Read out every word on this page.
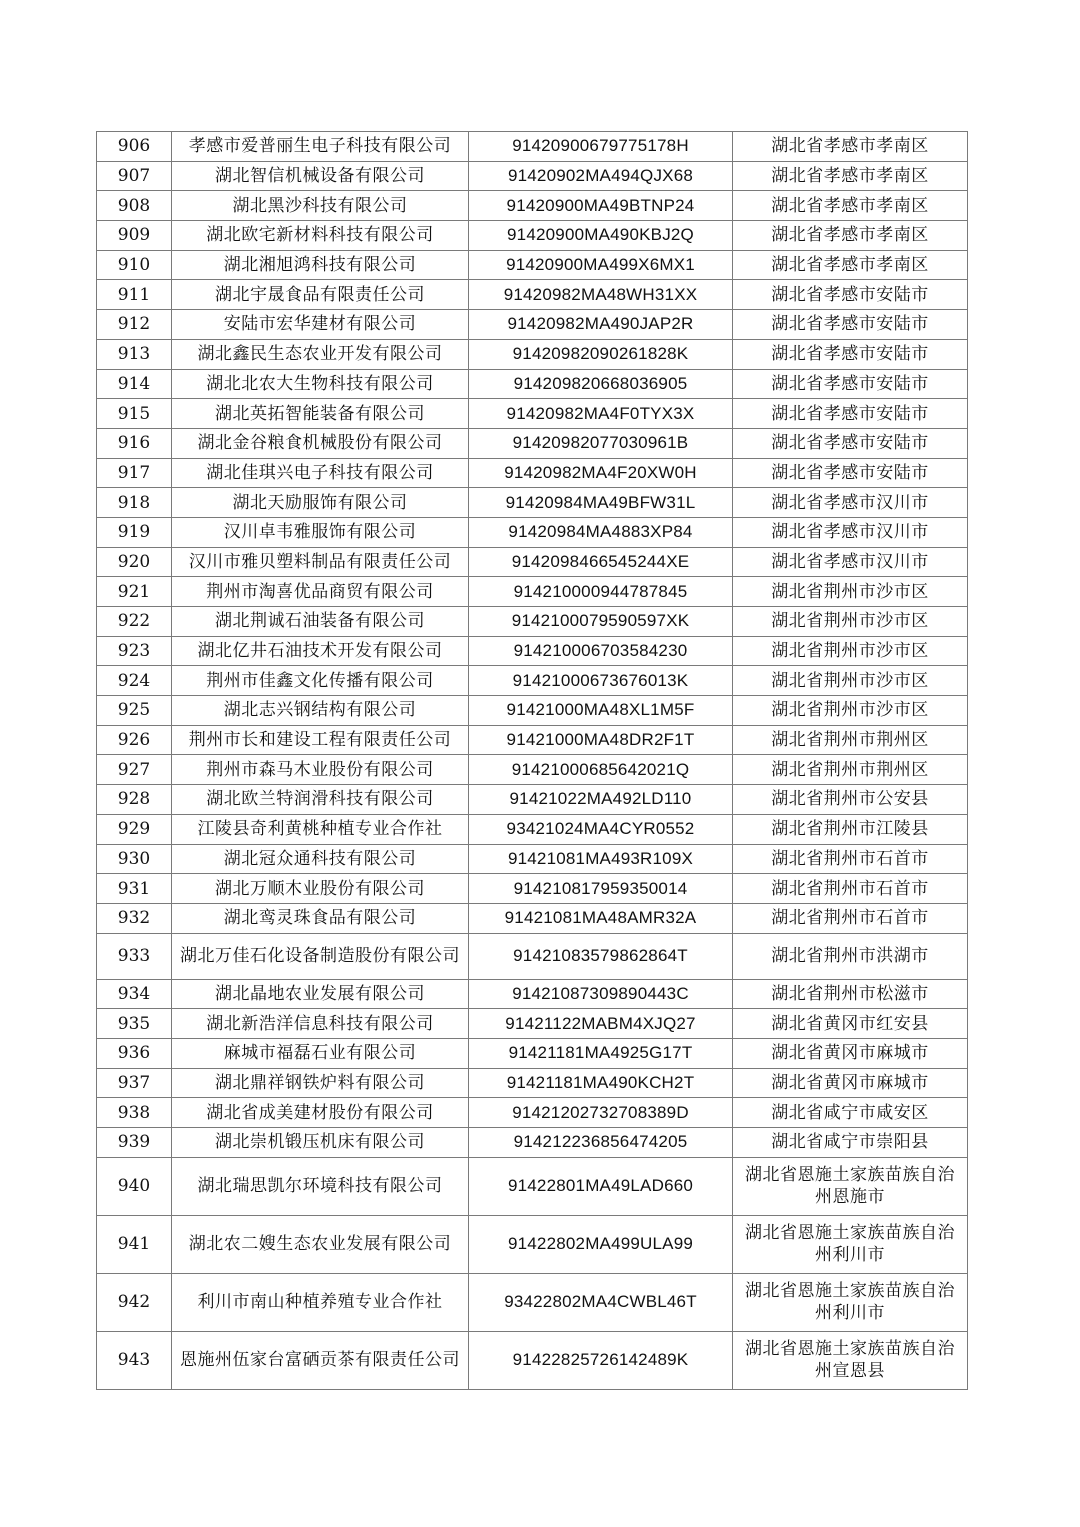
906	孝感市爱普丽生电子科技有限公司	91420900679775178H	湖北省孝感市孝南区
907	湖北智信机械设备有限公司	91420902MA494QJX68	湖北省孝感市孝南区
908	湖北黑沙科技有限公司	91420900MA49BTNP24	湖北省孝感市孝南区
909	湖北欧宅新材料科技有限公司	91420900MA490KBJ2Q	湖北省孝感市孝南区
910	湖北湘旭鸿科技有限公司	91420900MA499X6MX1	湖北省孝感市孝南区
911	湖北宇晟食品有限责任公司	91420982MA48WH31XX	湖北省孝感市安陆市
912	安陆市宏华建材有限公司	91420982MA490JAP2R	湖北省孝感市安陆市
913	湖北鑫民生态农业开发有限公司	91420982090261828K	湖北省孝感市安陆市
914	湖北北农大生物科技有限公司	914209820668036905	湖北省孝感市安陆市
915	湖北英拓智能装备有限公司	91420982MA4F0TYX3X	湖北省孝感市安陆市
916	湖北金谷粮食机械股份有限公司	91420982077030961B	湖北省孝感市安陆市
917	湖北佳琪兴电子科技有限公司	91420982MA4F20XW0H	湖北省孝感市安陆市
918	湖北天励服饰有限公司	91420984MA49BFW31L	湖北省孝感市汉川市
919	汉川卓韦雅服饰有限公司	91420984MA4883XP84	湖北省孝感市汉川市
920	汉川市雅贝塑料制品有限责任公司	9142098466545244XE	湖北省孝感市汉川市
921	荆州市淘喜优品商贸有限公司	914210000944787845	湖北省荆州市沙市区
922	湖北荆诚石油装备有限公司	9142100079590597XK	湖北省荆州市沙市区
923	湖北亿井石油技术开发有限公司	914210006703584230	湖北省荆州市沙市区
924	荆州市佳鑫文化传播有限公司	91421000673676013K	湖北省荆州市沙市区
925	湖北志兴钢结构有限公司	91421000MA48XL1M5F	湖北省荆州市沙市区
926	荆州市长和建设工程有限责任公司	91421000MA48DR2F1T	湖北省荆州市荆州区
927	荆州市森马木业股份有限公司	91421000685642021Q	湖北省荆州市荆州区
928	湖北欧兰特润滑科技有限公司	91421022MA492LD110	湖北省荆州市公安县
929	江陵县奇利黄桃种植专业合作社	93421024MA4CYR0552	湖北省荆州市江陵县
930	湖北冠众通科技有限公司	91421081MA493R109X	湖北省荆州市石首市
931	湖北万顺木业股份有限公司	914210817959350014	湖北省荆州市石首市
932	湖北鸾灵珠食品有限公司	91421081MA48AMR32A	湖北省荆州市石首市
933	湖北万佳石化设备制造股份有限公司	91421083579862864T	湖北省荆州市洪湖市
934	湖北晶地农业发展有限公司	91421087309890443C	湖北省荆州市松滋市
935	湖北新浩洋信息科技有限公司	91421122MABM4XJQ27	湖北省黄冈市红安县
936	麻城市福磊石业有限公司	91421181MA4925G17T	湖北省黄冈市麻城市
937	湖北鼎祥钢铁炉料有限公司	91421181MA490KCH2T	湖北省黄冈市麻城市
938	湖北省成美建材股份有限公司	91421202732708389D	湖北省咸宁市咸安区
939	湖北崇机锻压机床有限公司	914212236856474205	湖北省咸宁市崇阳县
940	湖北瑞思凯尔环境科技有限公司	91422801MA49LAD660	湖北省恩施土家族苗族自治
州恩施市

941	湖北农二嫂生态农业发展有限公司	91422802MA499ULA99	湖北省恩施土家族苗族自治
州利川市

942	利川市南山种植养殖专业合作社	93422802MA4CWBL46T	湖北省恩施土家族苗族自治
州利川市

943	恩施州伍家台富硒贡茶有限责任公司	91422825726142489K	湖北省恩施土家族苗族自治
州宣恩县
